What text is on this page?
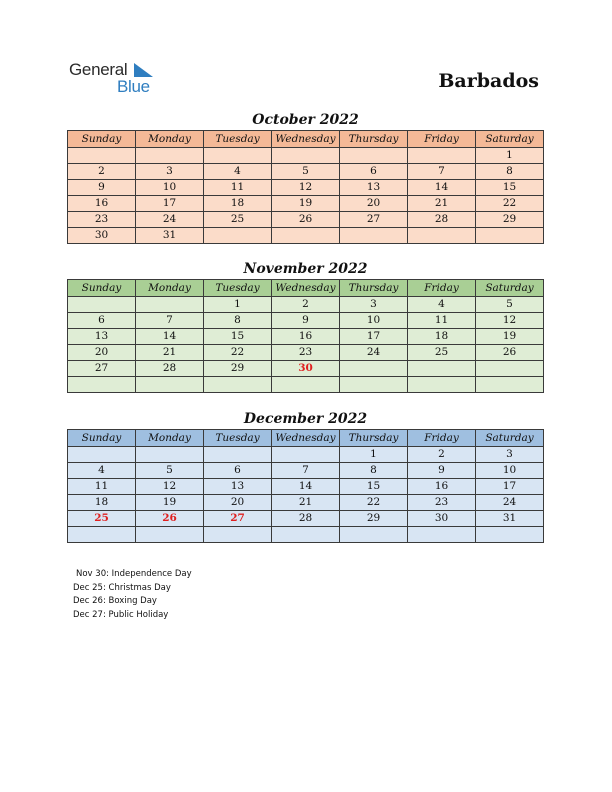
General
Blue	Barbados
October 2022
Sunday	Monday	Tuesday	Wednesday	Thursday	Friday	Saturday
						1
2	3	4	5	6	7	8
9	10	11	12	13	14	15
16	17	18	19	20	21	22
23	24	25	26	27	28	29
30	31					
November 2022
Sunday	Monday	Tuesday	Wednesday	Thursday	Friday	Saturday
		1	2	3	4	5
6	7	8	9	10	11	12
13	14	15	16	17	18	19
20	21	22	23	24	25	26
27	28	29	30			

December 2022
Sunday	Monday	Tuesday	Wednesday	Thursday	Friday	Saturday
				1	2	3
4	5	6	7	8	9	10
11	12	13	14	15	16	17
18	19	20	21	22	23	24
25	26	27	28	29	30	31

Nov 30: Independence Day
Dec 25: Christmas Day
Dec 26: Boxing Day
Dec 27: Public Holiday
